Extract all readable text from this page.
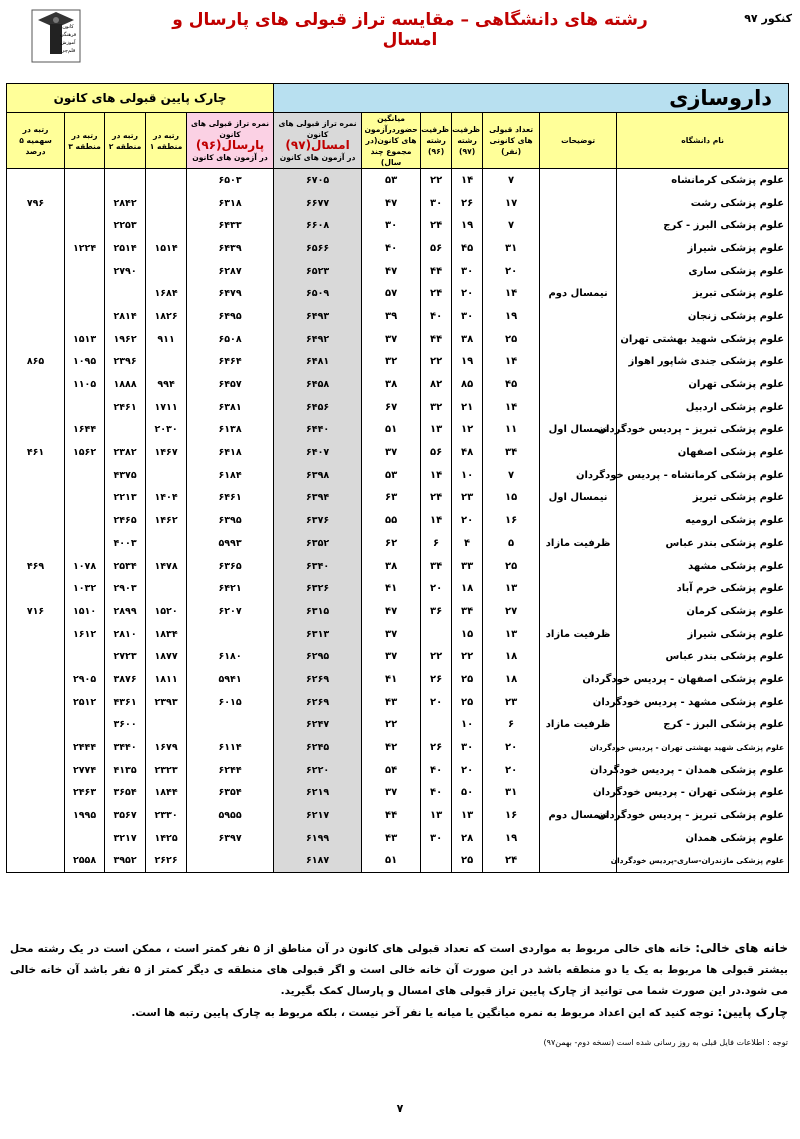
کانون
فرهنگی
آموزش
قلم‌چی
رشته های دانشگاهی – مقایسه تراز قبولی های پارسال و امسال
کنکور ۹۷
داروسازی							چارک پایین قبولی های کانون				
نام دانشگاه	توضیحات	تعداد قبولی های کانونی (نفر)	ظرفیت رشته
(۹۷)	ظرفیت رشته
(۹۶)	میانگین حضوردرآزمون های کانون(در مجموع چند سال)	نمره تراز قبولی های کانون
امسال(۹۷)
در آزمون های کانون	نمره تراز قبولی های کانون
پارسال(۹۶)
در آزمون های کانون	رتبه در منطقه ۱	رتبه در منطقه ۲	رتبه در منطقه ۳	رتبه در سهمیه ۵ درصد
علوم پزشکی کرمانشاه		۷	۱۴	۲۲	۵۳	۶۷۰۵	۶۵۰۳				
علوم پزشکی رشت		۱۷	۲۶	۳۰	۴۷	۶۶۷۷	۶۳۱۸		۲۸۴۲		۷۹۶
علوم پزشکی البرز - کرج		۷	۱۹	۲۴	۳۰	۶۶۰۸	۶۴۳۳		۲۲۵۳		
علوم پزشکی شیراز		۳۱	۴۵	۵۶	۴۰	۶۵۶۶	۶۴۳۹	۱۵۱۴	۲۵۱۴	۱۲۲۴	
علوم پزشکی ساری		۲۰	۳۰	۴۴	۴۷	۶۵۲۳	۶۲۸۷		۲۷۹۰		
علوم پزشکی تبریز	نیمسال دوم	۱۴	۲۰	۲۴	۵۷	۶۵۰۹	۶۴۷۹	۱۶۸۴			
علوم پزشکی زنجان		۱۹	۳۰	۴۰	۳۹	۶۴۹۳	۶۴۹۵	۱۸۲۶	۲۸۱۴		
علوم پزشکی شهید بهشتی تهران		۲۵	۳۸	۴۴	۳۷	۶۴۹۲	۶۵۰۸	۹۱۱	۱۹۶۲	۱۵۱۳	
علوم پزشکی جندی شاپور اهواز		۱۴	۱۹	۲۲	۳۲	۶۴۸۱	۶۴۶۴		۲۳۹۶	۱۰۹۵	۸۶۵
علوم پزشکی تهران		۴۵	۸۵	۸۲	۳۸	۶۴۵۸	۶۴۵۷	۹۹۴	۱۸۸۸	۱۱۰۵	
علوم پزشکی اردبیل		۱۴	۲۱	۳۲	۶۷	۶۴۵۶	۶۳۸۱	۱۷۱۱	۲۴۶۱		
علوم پزشکی تبریز - پردیس خودگردان	نیمسال اول	۱۱	۱۲	۱۳	۵۱	۶۴۴۰	۶۱۳۸	۲۰۳۰		۱۶۴۴	
علوم پزشکی اصفهان		۳۴	۴۸	۵۶	۳۷	۶۴۰۷	۶۴۱۸	۱۴۶۷	۲۳۸۲	۱۵۶۲	۴۶۱
علوم پزشکی کرمانشاه - پردیس خودگردان		۷	۱۰	۱۴	۵۳	۶۳۹۸	۶۱۸۴		۴۳۷۵		
علوم پزشکی تبریز	نیمسال اول	۱۵	۲۳	۲۴	۶۳	۶۳۹۴	۶۴۶۱	۱۴۰۴	۲۲۱۳		
علوم پزشکی ارومیه		۱۶	۲۰	۱۴	۵۵	۶۳۷۶	۶۳۹۵	۱۴۶۲	۲۴۶۵		
علوم پزشکی بندر عباس	ظرفیت مازاد	۵	۴	۶	۶۲	۶۳۵۲	۵۹۹۳		۴۰۰۳		
علوم پزشکی مشهد		۲۵	۳۳	۳۴	۳۸	۶۳۴۰	۶۳۶۵	۱۴۷۸	۲۵۳۴	۱۰۷۸	۴۶۹
علوم پزشکی خرم آباد		۱۳	۱۸	۲۰	۴۱	۶۳۲۶	۶۴۲۱		۲۹۰۳	۱۰۳۲	
علوم پزشکی کرمان		۲۷	۳۴	۳۶	۴۷	۶۳۱۵	۶۲۰۷	۱۵۲۰	۲۸۹۹	۱۵۱۰	۷۱۶
علوم پزشکی شیراز	ظرفیت مازاد	۱۳	۱۵		۳۷	۶۳۱۳		۱۸۳۴	۲۸۱۰	۱۶۱۲	
علوم پزشکی بندر عباس		۱۸	۲۲	۲۲	۳۷	۶۲۹۵	۶۱۸۰	۱۸۷۷	۲۷۲۳		
علوم پزشکی اصفهان - پردیس خودگردان		۱۸	۲۵	۲۶	۴۱	۶۲۶۹	۵۹۴۱	۱۸۱۱	۳۸۷۶	۲۹۰۵	
علوم پزشکی مشهد - پردیس خودگردان		۲۳	۲۵	۲۰	۴۳	۶۲۶۹	۶۰۱۵	۲۳۹۳	۴۳۶۱	۲۵۱۲	
علوم پزشکی البرز - کرج	ظرفیت مازاد	۶	۱۰		۲۲	۶۲۴۷			۳۶۰۰		
علوم پزشکی شهید بهشتی تهران - پردیس خودگردان		۲۰	۳۰	۲۶	۴۲	۶۲۴۵	۶۱۱۴	۱۶۷۹	۳۴۴۰	۲۴۴۴	
علوم پزشکی همدان - پردیس خودگردان		۲۰	۲۰	۴۰	۵۴	۶۲۲۰	۶۲۴۴	۲۳۲۳	۴۱۳۵	۲۷۷۴	
علوم پزشکی تهران - پردیس خودگردان		۳۱	۵۰	۴۰	۳۷	۶۲۱۹	۶۳۵۴	۱۸۴۴	۳۶۵۴	۲۴۶۳	
علوم پزشکی تبریز - پردیس خودگردان	نیمسال دوم	۱۶	۱۳	۱۳	۴۴	۶۲۱۷	۵۹۵۵	۲۳۳۰	۳۵۶۷	۱۹۹۵	
علوم پزشکی همدان		۱۹	۲۸	۳۰	۴۳	۶۱۹۹	۶۳۹۷	۱۴۲۵	۳۲۱۷		
علوم پزشکی مازندران-ساری-پردیس خودگردان		۲۴	۲۵		۵۱	۶۱۸۷		۲۶۲۶	۳۹۵۲	۲۵۵۸	
خانه های خالی: خانه های خالی مربوط به مواردی است که تعداد قبولی های کانون در آن مناطق از ۵ نفر کمتر است ، ممکن است در یک رشته محل بیشتر قبولی ها مربوط به یک یا دو منطقه باشد در این صورت آن خانه خالی است و اگر قبولی های منطقه ی دیگر کمتر از ۵ نفر باشد آن خانه خالی می شود.در این صورت شما می توانید از چارک پایین تراز قبولی های امسال و پارسال کمک بگیرید.
چارک پایین: توجه کنید که این اعداد مربوط به نمره میانگین یا میانه یا نفر آخر نیست ، بلکه مربوط به چارک پایین رتبه ها است.
توجه : اطلاعات فایل قبلی به روز رسانی شده است (نسخه دوم- بهمن۹۷)
۷
